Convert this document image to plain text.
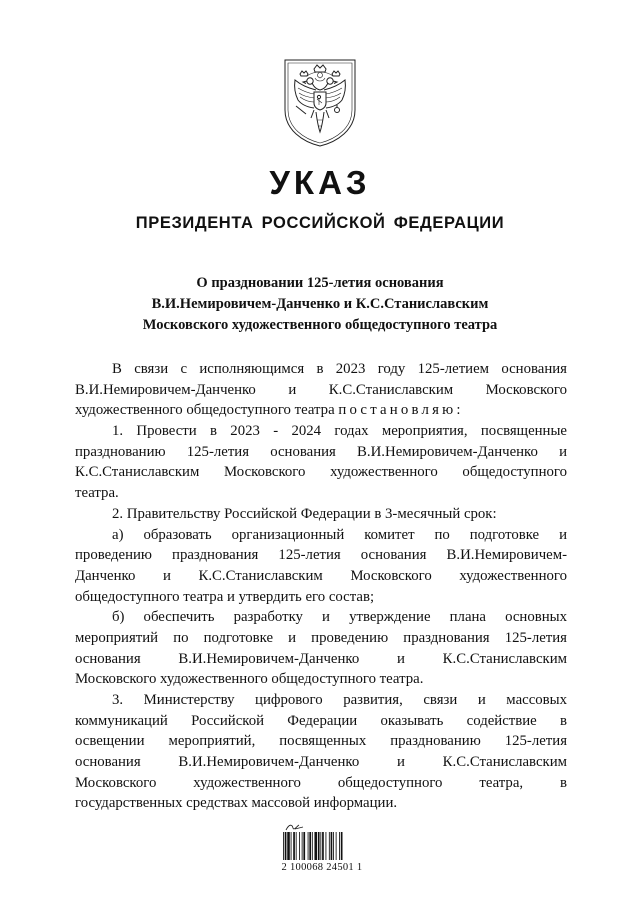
УКАЗ
ПРЕЗИДЕНТА РОССИЙСКОЙ ФЕДЕРАЦИИ
О праздновании 125-летия основания
В.И.Немировичем-Данченко и К.С.Станиславским
Московского художественного общедоступного театра
В связи с исполняющимся в 2023 году 125-летием основания
В.И.Немировичем-Данченко и К.С.Станиславским Московского
художественного общедоступного театра постановляю:
1. Провести в 2023 - 2024 годах мероприятия, посвященные
празднованию 125-летия основания В.И.Немировичем-Данченко и
К.С.Станиславским Московского художественного общедоступного
театра.
2. Правительству Российской Федерации в 3-месячный срок:
а) образовать организационный комитет по подготовке и
проведению празднования 125-летия основания В.И.Немировичем-
Данченко и К.С.Станиславским Московского художественного
общедоступного театра и утвердить его состав;
б) обеспечить разработку и утверждение плана основных
мероприятий по подготовке и проведению празднования 125-летия
основания В.И.Немировичем-Данченко и К.С.Станиславским
Московского художественного общедоступного театра.
3. Министерству цифрового развития, связи и массовых
коммуникаций Российской Федерации оказывать содействие в
освещении мероприятий, посвященных празднованию 125-летия
основания В.И.Немировичем-Данченко и К.С.Станиславским
Московского художественного общедоступного театра, в
государственных средствах массовой информации.
2 100068 24501 1
